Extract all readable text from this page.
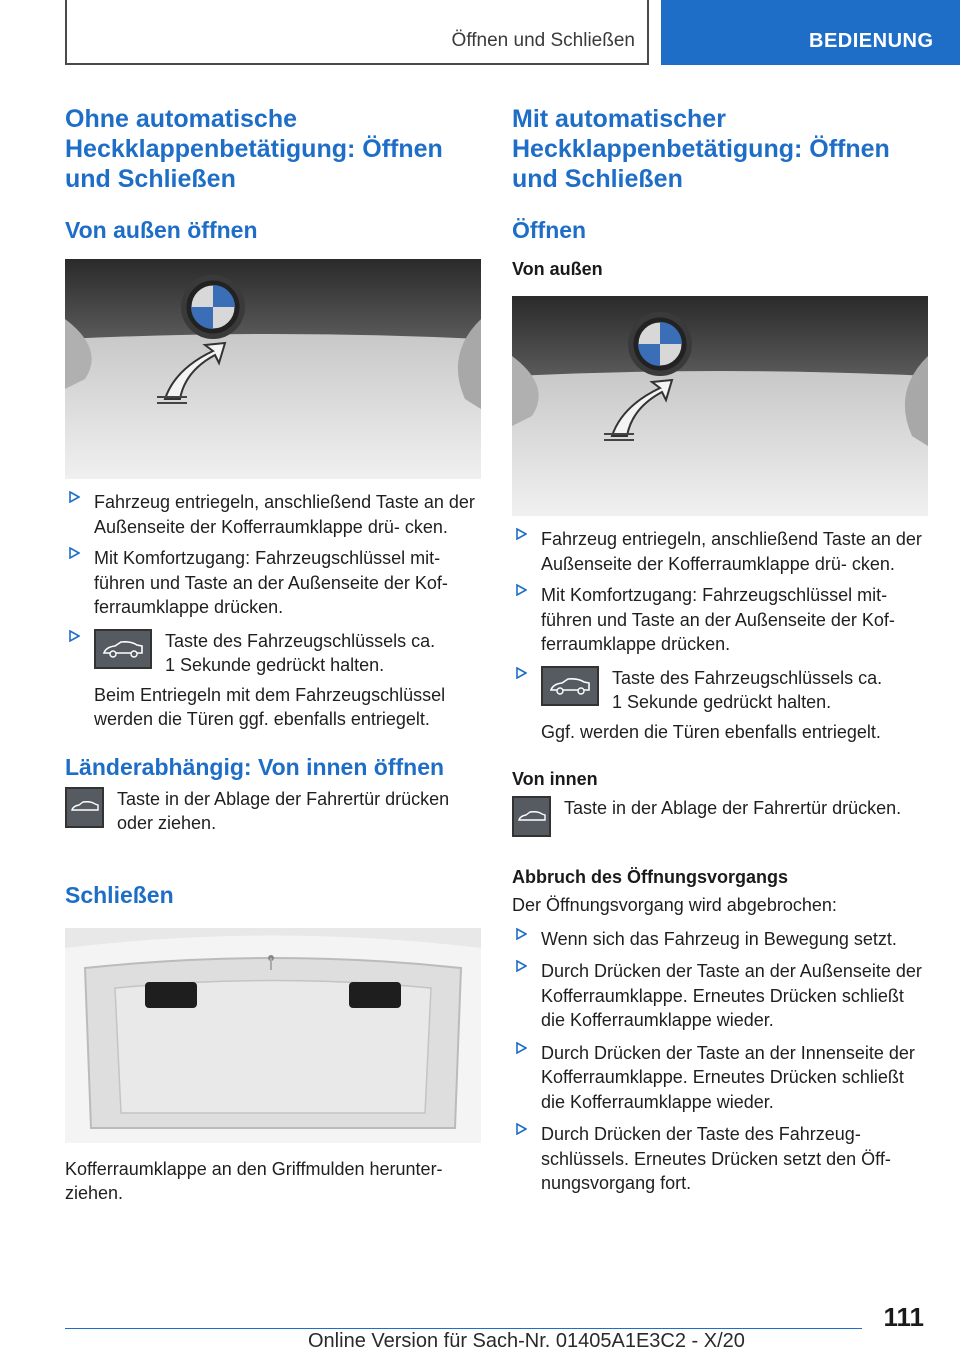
Öffnen und Schließen	BEDIENUNG
Ohne automatische Heckklappenbetätigung: Öffnen und Schließen
Von außen öffnen
Fahrzeug entriegeln, anschließend Taste an der Außenseite der Kofferraumklappe drü‐ cken.
Mit Komfortzugang: Fahrzeugschlüssel mit‐ führen und Taste an der Außenseite der Kof‐ ferraumklappe drücken.

Taste des Fahrzeugschlüssels ca.

1 Sekunde gedrückt halten.

Beim Entriegeln mit dem Fahrzeugschlüssel werden die Türen ggf. ebenfalls entriegelt.

Länderabhängig: Von innen öffnen

Taste in der Ablage der Fahrertür drücken oder ziehen.

Schließen

Kofferraumklappe an den Griffmulden herunter‐ ziehen.

Mit automatischer Heckklappenbetätigung: Öffnen und Schließen
Öffnen
Von außen
Fahrzeug entriegeln, anschließend Taste an der Außenseite der Kofferraumklappe drü‐ cken.
Mit Komfortzugang: Fahrzeugschlüssel mit‐ führen und Taste an der Außenseite der Kof‐ ferraumklappe drücken.

Taste des Fahrzeugschlüssels ca.

1 Sekunde gedrückt halten.

Ggf. werden die Türen ebenfalls entriegelt.

Von innen

Taste in der Ablage der Fahrertür drücken.

Abbruch des Öffnungsvorgangs

Der Öffnungsvorgang wird abgebrochen:

Wenn sich das Fahrzeug in Bewegung setzt.
Durch Drücken der Taste an der Außenseite der Kofferraumklappe. Erneutes Drücken schließt die Kofferraumklappe wieder.
Durch Drücken der Taste an der Innenseite der Kofferraumklappe. Erneutes Drücken schließt die Kofferraumklappe wieder.
Durch Drücken der Taste des Fahrzeug‐ schlüssels. Erneutes Drücken setzt den Öff‐ nungsvorgang fort.
111
Online Version für Sach-Nr. 01405A1E3C2 - X/20
